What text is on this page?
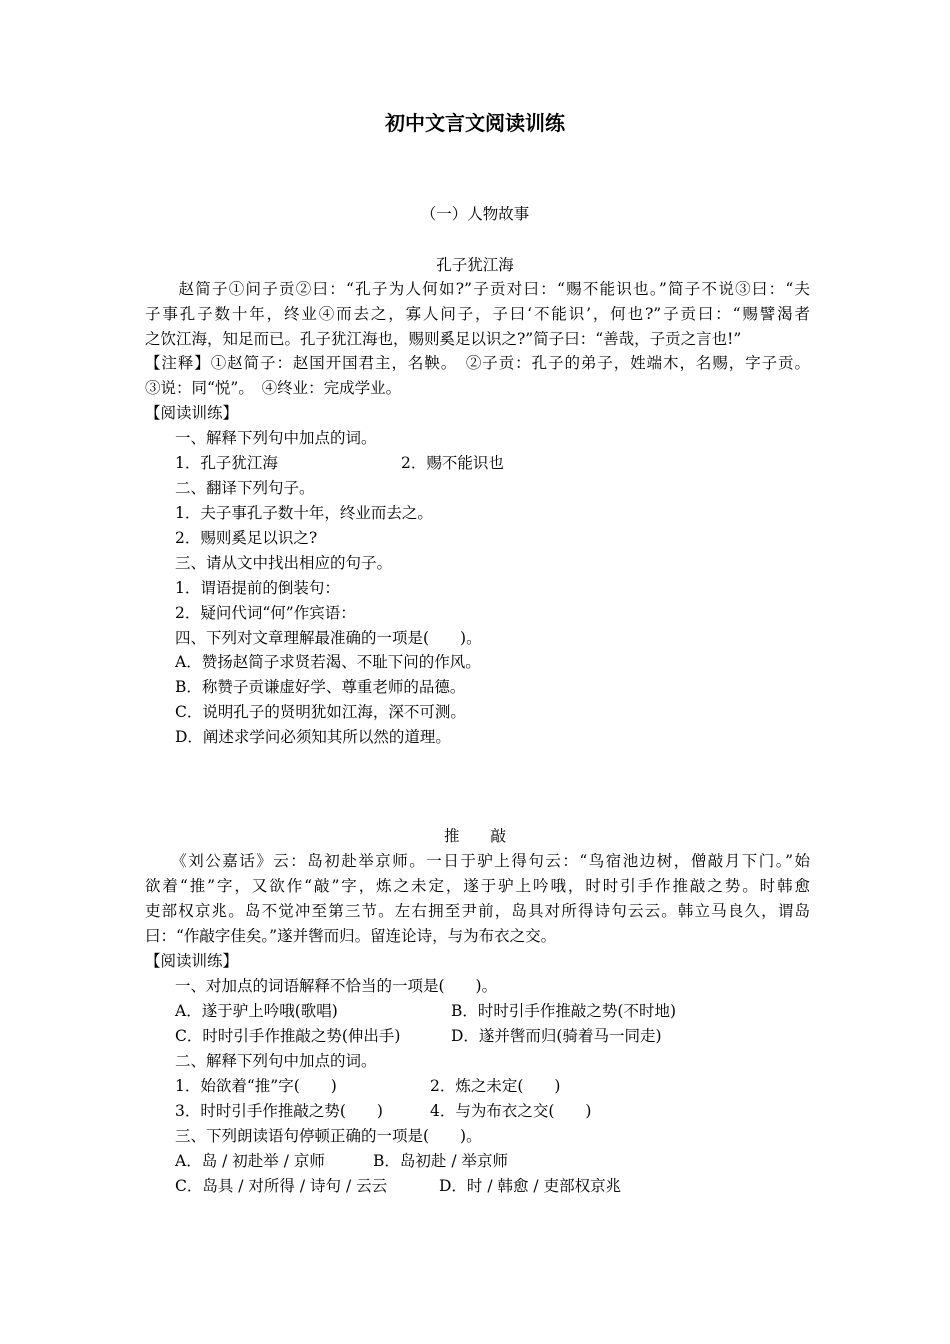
初中文言文阅读训练

（一）人物故事

孔子犹江海

　　赵简子①问子贡②曰：“孔子为人何如?”子贡对曰：“赐不能识也。”简子不说③曰：“夫

子事孔子数十年，终业④而去之，寡人问子，子曰‘不能识’，何也?”子贡曰：“赐譬渴者

之饮江海，知足而已。孔子犹江海也，赐则奚足以识之?”简子曰：“善哉，子贡之言也!”

【注释】①赵简子：赵国开国君主，名鞅。　②子贡：孔子的弟子，姓端木，名赐，字子贡。

③说：同“悦”。　④终业：完成学业。

【阅读训练】

一、解释下列句中加点的词。

1．孔子犹江海	2．赐不能识也

二、翻译下列句子。

1．夫子事孔子数十年，终业而去之。

2．赐则奚足以识之?

三、请从文中找出相应的句子。

1．谓语提前的倒装句：

2．疑问代词“何”作宾语：

四、下列对文章理解最准确的一项是(　　)。

A．赞扬赵简子求贤若渴、不耻下问的作风。

B．称赞子贡谦虚好学、尊重老师的品德。

C．说明孔子的贤明犹如江海，深不可测。

D．阐述求学问必须知其所以然的道理。

推　　敲

　　《刘公嘉话》云：岛初赴举京师。一日于驴上得句云：“鸟宿池边树，僧敲月下门。”始

欲着“推”字，又欲作“敲”字，炼之未定，遂于驴上吟哦，时时引手作推敲之势。时韩愈

吏部权京兆。岛不觉冲至第三节。左右拥至尹前，岛具对所得诗句云云。韩立马良久，谓岛

曰：“作敲字佳矣。”遂并辔而归。留连论诗，与为布衣之交。

【阅读训练】

一、对加点的词语解释不恰当的一项是(　　)。

A．遂于驴上吟哦(歌唱)	B．时时引手作推敲之势(不时地)

C．时时引手作推敲之势(伸出手)	D．遂并辔而归(骑着马一同走)

二、解释下列句中加点的词。

1．始欲着“推”字(　　)	2．炼之未定(　　)

3．时时引手作推敲之势(　　)	4．与为布衣之交(　　)

三、下列朗读语句停顿正确的一项是(　　)。

A．岛 / 初赴举 / 京师	B．岛初赴 / 举京师

C．岛具 / 对所得 / 诗句 / 云云	D．时 / 韩愈 / 吏部权京兆
